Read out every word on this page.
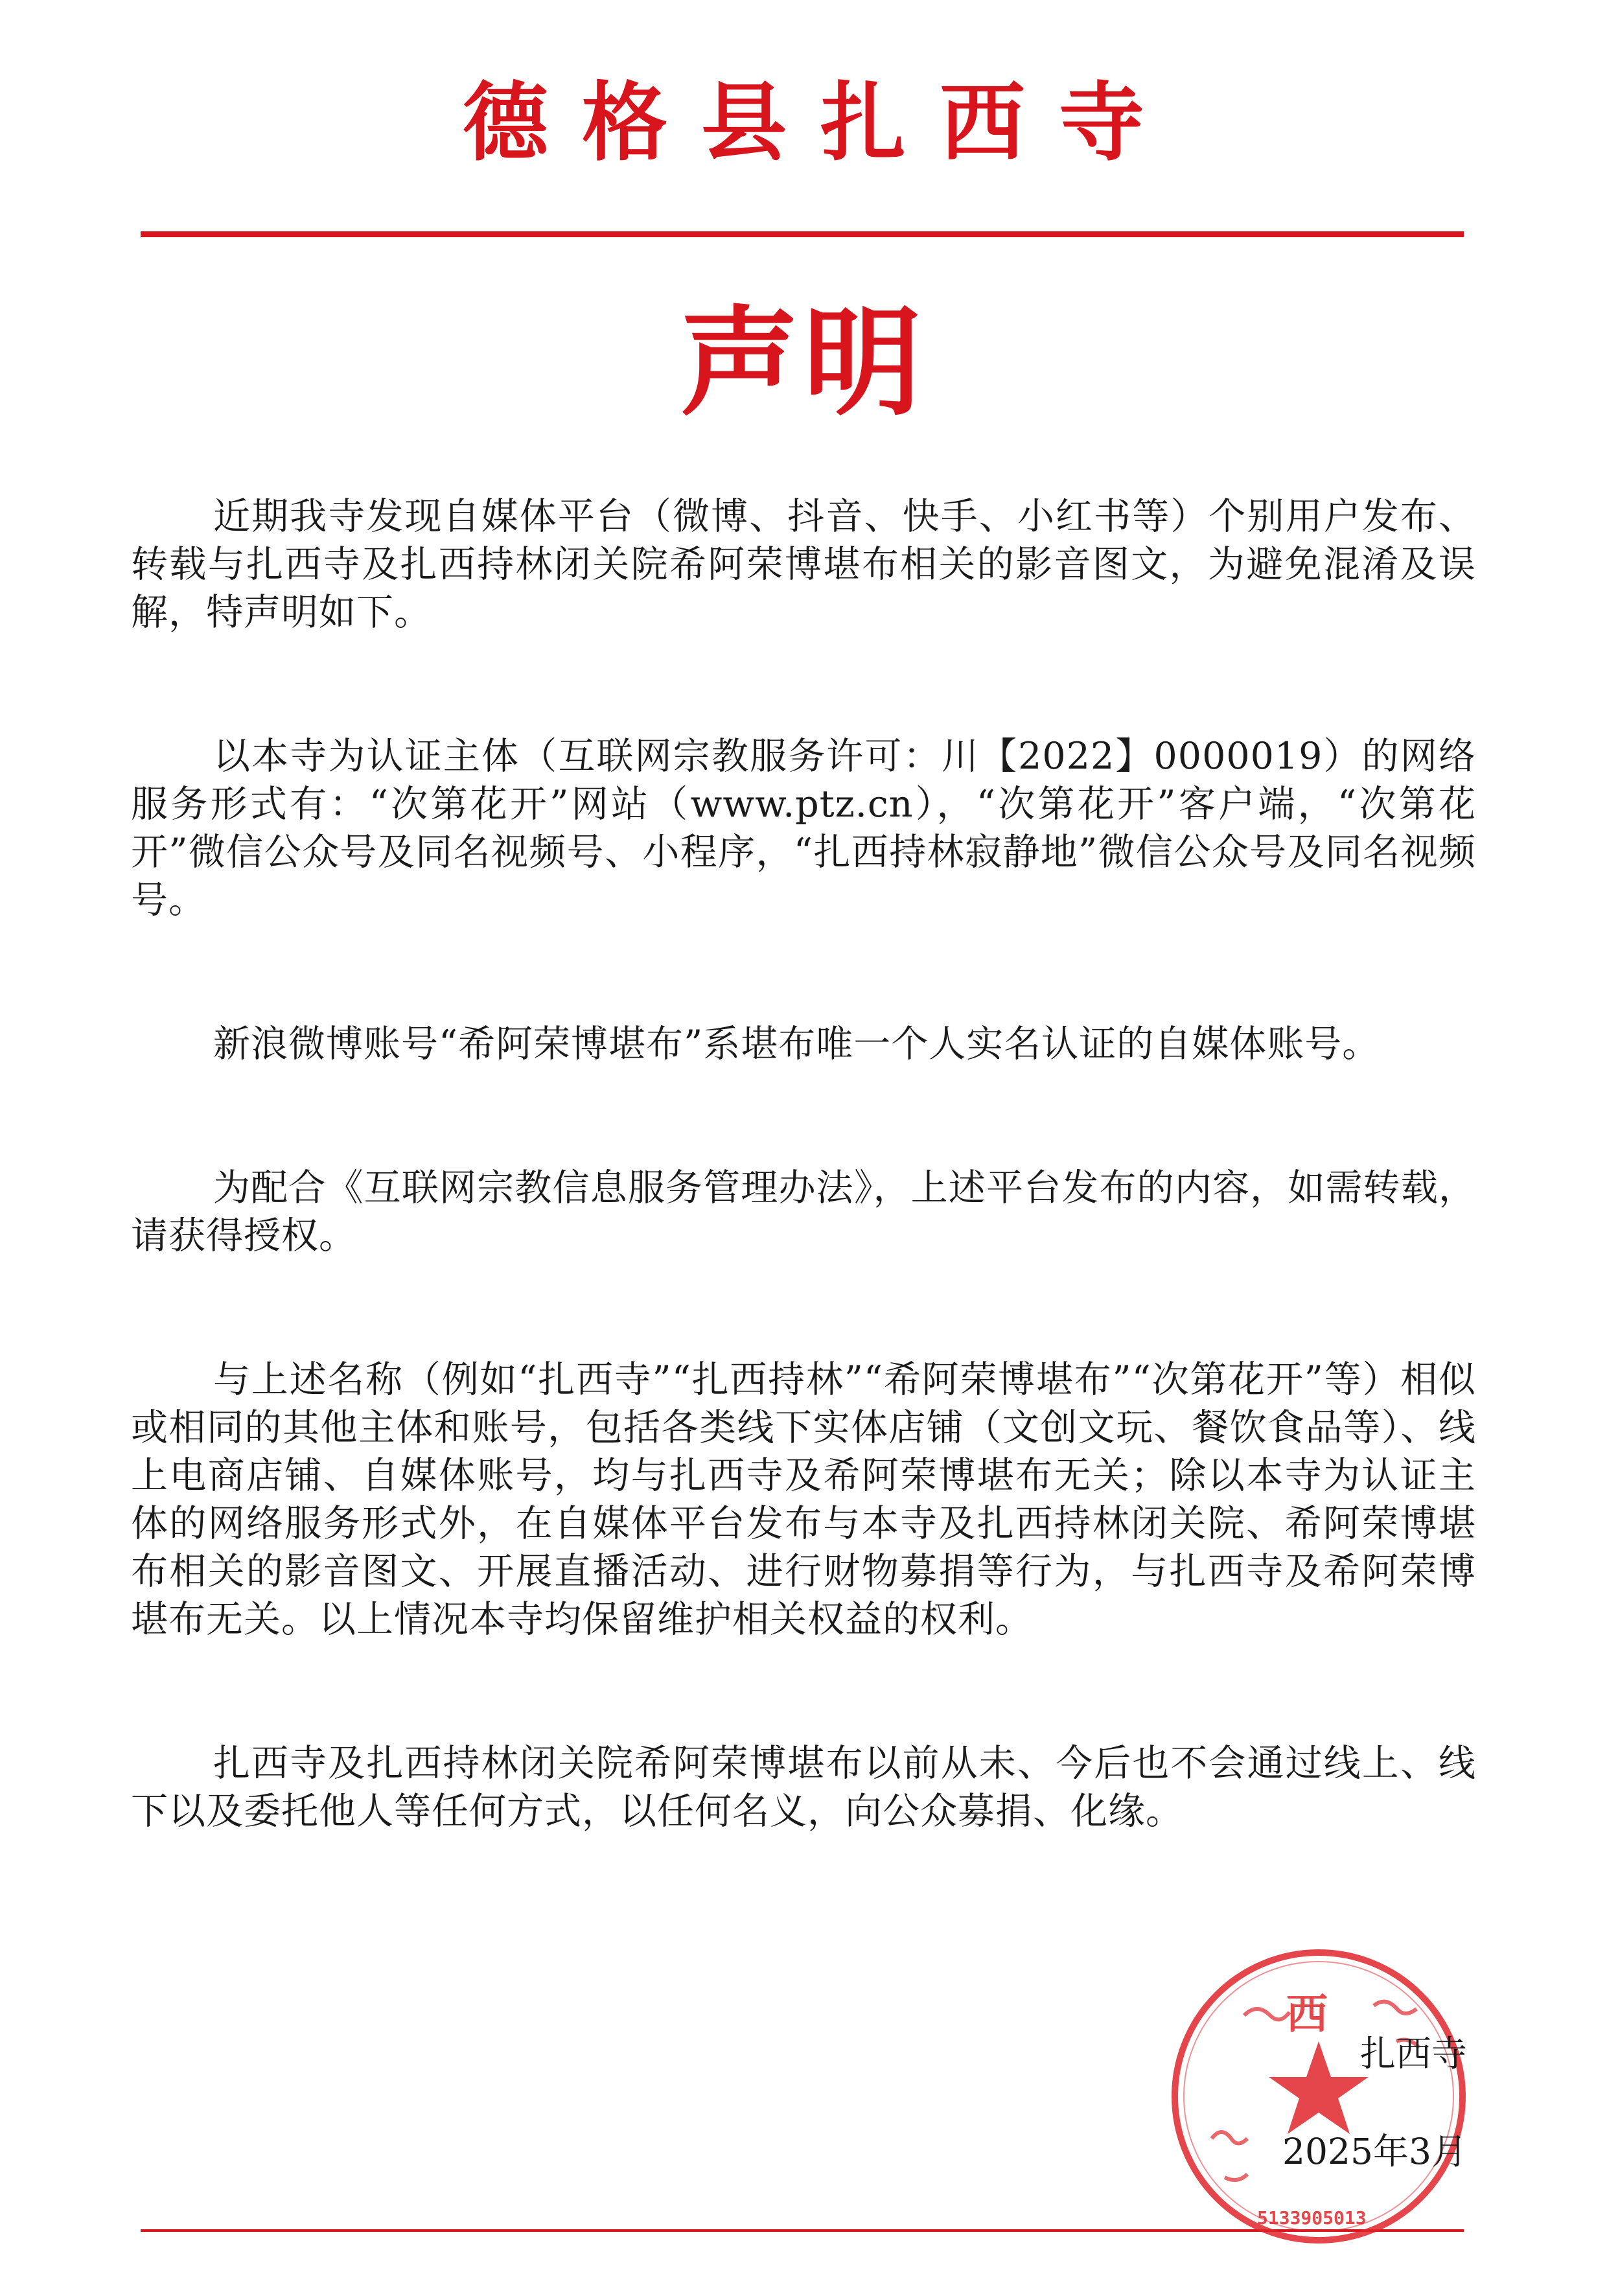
德格县扎西寺
声明

近期我寺发现自媒体平台（微博、抖音、快手、小红书等）个别用户发布、转载与扎西寺及扎西持林闭关院希阿荣博堪布相关的影音图文，为避免混淆及误解，特声明如下。

以本寺为认证主体（互联网宗教服务许可：川【2022】0000019）的网络服务形式有：“次第花开”网站（www.ptz.cn），“次第花开”客户端，“次第花开”微信公众号及同名视频号、小程序，“扎西持林寂静地”微信公众号及同名视频号。

新浪微博账号“希阿荣博堪布”系堪布唯一个人实名认证的自媒体账号。

为配合《互联网宗教信息服务管理办法》，上述平台发布的内容，如需转载，请获得授权。

与上述名称（例如“扎西寺”“扎西持林”“希阿荣博堪布”“次第花开”等）相似或相同的其他主体和账号，包括各类线下实体店铺（文创文玩、餐饮食品等）、线上电商店铺、自媒体账号，均与扎西寺及希阿荣博堪布无关；除以本寺为认证主体的网络服务形式外，在自媒体平台发布与本寺及扎西持林闭关院、希阿荣博堪布相关的影音图文、开展直播活动、进行财物募捐等行为，与扎西寺及希阿荣博堪布无关。以上情况本寺均保留维护相关权益的权利。

扎西寺及扎西持林闭关院希阿荣博堪布以前从未、今后也不会通过线上、线下以及委托他人等任何方式，以任何名义，向公众募捐、化缘。

西
5133905013
扎西寺
2025年3月
